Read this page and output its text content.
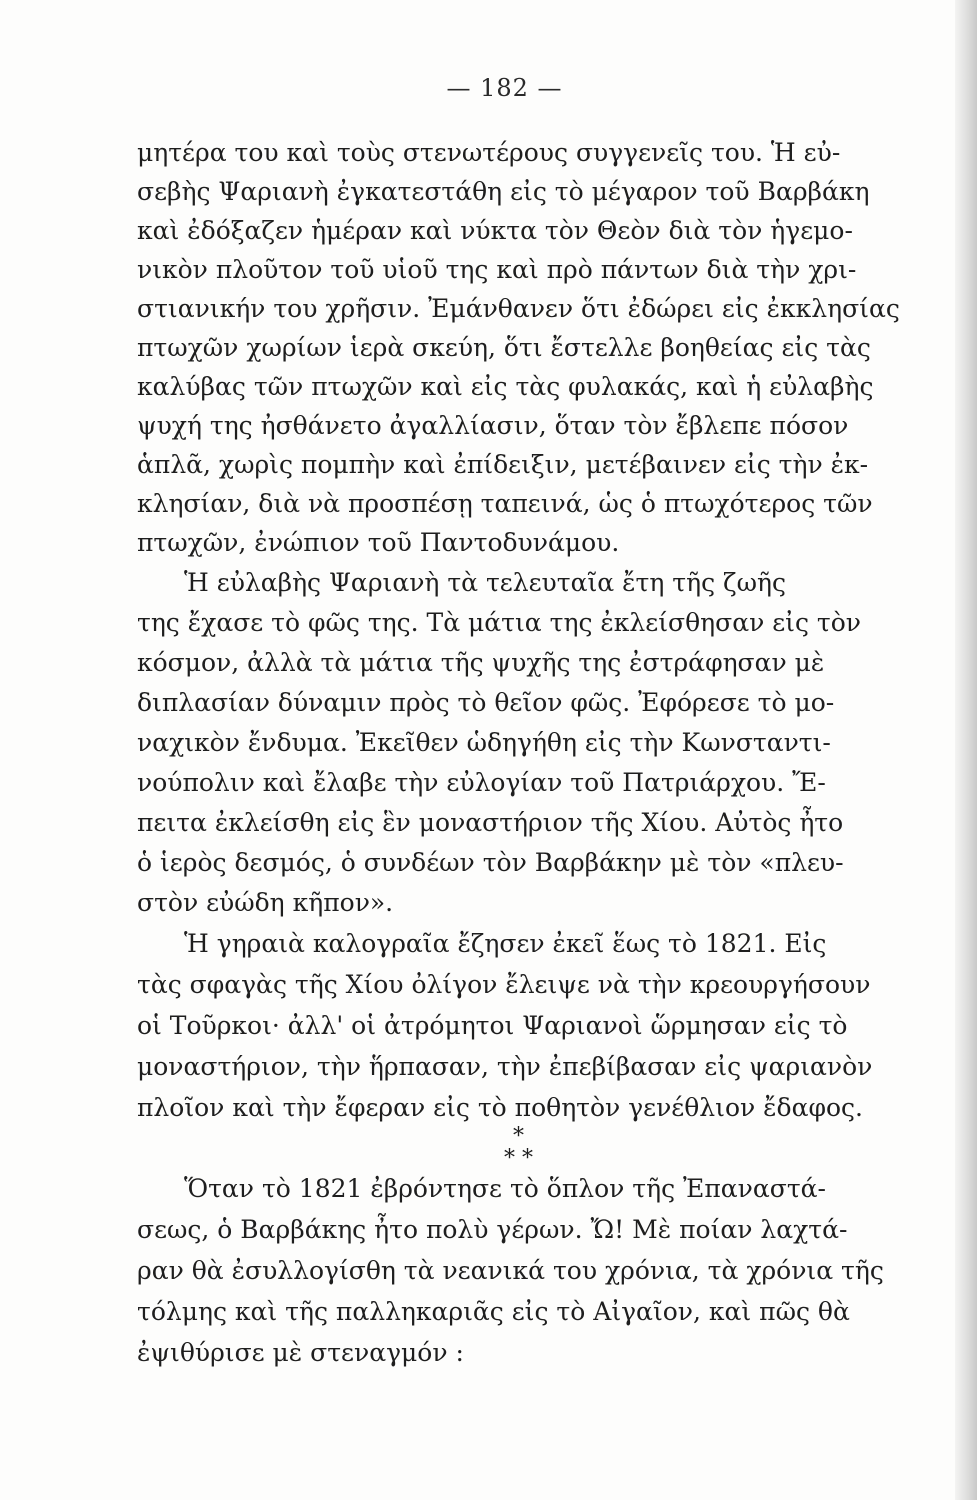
— 182 —
μητέρα του καὶ τοὺς στενωτέρους συγγενεῖς του. Ἡ εὐ-
σεβὴς Ψαριανὴ ἐγκατεστάθη εἰς τὸ μέγαρον τοῦ Βαρβάκη
καὶ ἐδόξαζεν ἡμέραν καὶ νύκτα τὸν Θεὸν διὰ τὸν ἡγεμο-
νικὸν πλοῦτον τοῦ υἱοῦ της καὶ πρὸ πάντων διὰ τὴν χρι-
στιανικήν του χρῆσιν. Ἐμάνθανεν ὅτι ἐδώρει εἰς ἐκκλησίας
πτωχῶν χωρίων ἱερὰ σκεύη, ὅτι ἔστελλε βοηθείας εἰς τὰς
καλύβας τῶν πτωχῶν καὶ εἰς τὰς φυλακάς, καὶ ἡ εὐλαβὴς
ψυχή της ἠσθάνετο ἀγαλλίασιν, ὅταν τὸν ἔβλεπε πόσον
ἁπλᾶ, χωρὶς πομπὴν καὶ ἐπίδειξιν, μετέβαινεν εἰς τὴν ἐκ-
κλησίαν, διὰ νὰ προσπέσῃ ταπεινά, ὡς ὁ πτωχότερος τῶν
πτωχῶν, ἐνώπιον τοῦ Παντοδυνάμου.
Ἡ εὐλαβὴς Ψαριανὴ τὰ τελευταῖα ἔτη τῆς ζωῆς
της ἔχασε τὸ φῶς της. Τὰ μάτια της ἐκλείσθησαν εἰς τὸν
κόσμον, ἀλλὰ τὰ μάτια τῆς ψυχῆς της ἐστράφησαν μὲ
διπλασίαν δύναμιν πρὸς τὸ θεῖον φῶς. Ἐφόρεσε τὸ μο-
ναχικὸν ἔνδυμα. Ἐκεῖθεν ὡδηγήθη εἰς τὴν Κωνσταντι-
νούπολιν καὶ ἔλαβε τὴν εὐλογίαν τοῦ Πατριάρχου. Ἔ-
πειτα ἐκλείσθη εἰς ἓν μοναστήριον τῆς Χίου. Αὐτὸς ἦτο
ὁ ἱερὸς δεσμός, ὁ συνδέων τὸν Βαρβάκην μὲ τὸν «πλευ-
στὸν εὐώδη κῆπον».
Ἡ γηραιὰ καλογραῖα ἔζησεν ἐκεῖ ἕως τὸ 1821. Εἰς
τὰς σφαγὰς τῆς Χίου ὀλίγον ἔλειψε νὰ τὴν κρεουργήσουν
οἱ Τοῦρκοι· ἀλλ' οἱ ἀτρόμητοι Ψαριανοὶ ὥρμησαν εἰς τὸ
μοναστήριον, τὴν ἥρπασαν, τὴν ἐπεβίβασαν εἰς ψαριανὸν
πλοῖον καὶ τὴν ἔφεραν εἰς τὸ ποθητὸν γενέθλιον ἔδαφος.
*
* *
Ὅταν τὸ 1821 ἐβρόντησε τὸ ὅπλον τῆς Ἐπαναστά-
σεως, ὁ Βαρβάκης ἦτο πολὺ γέρων. Ὤ! Μὲ ποίαν λαχτά-
ραν θὰ ἐσυλλογίσθη τὰ νεανικά του χρόνια, τὰ χρόνια τῆς
τόλμης καὶ τῆς παλληκαριᾶς εἰς τὸ Αἰγαῖον, καὶ πῶς θὰ
ἐψιθύρισε μὲ στεναγμόν :
